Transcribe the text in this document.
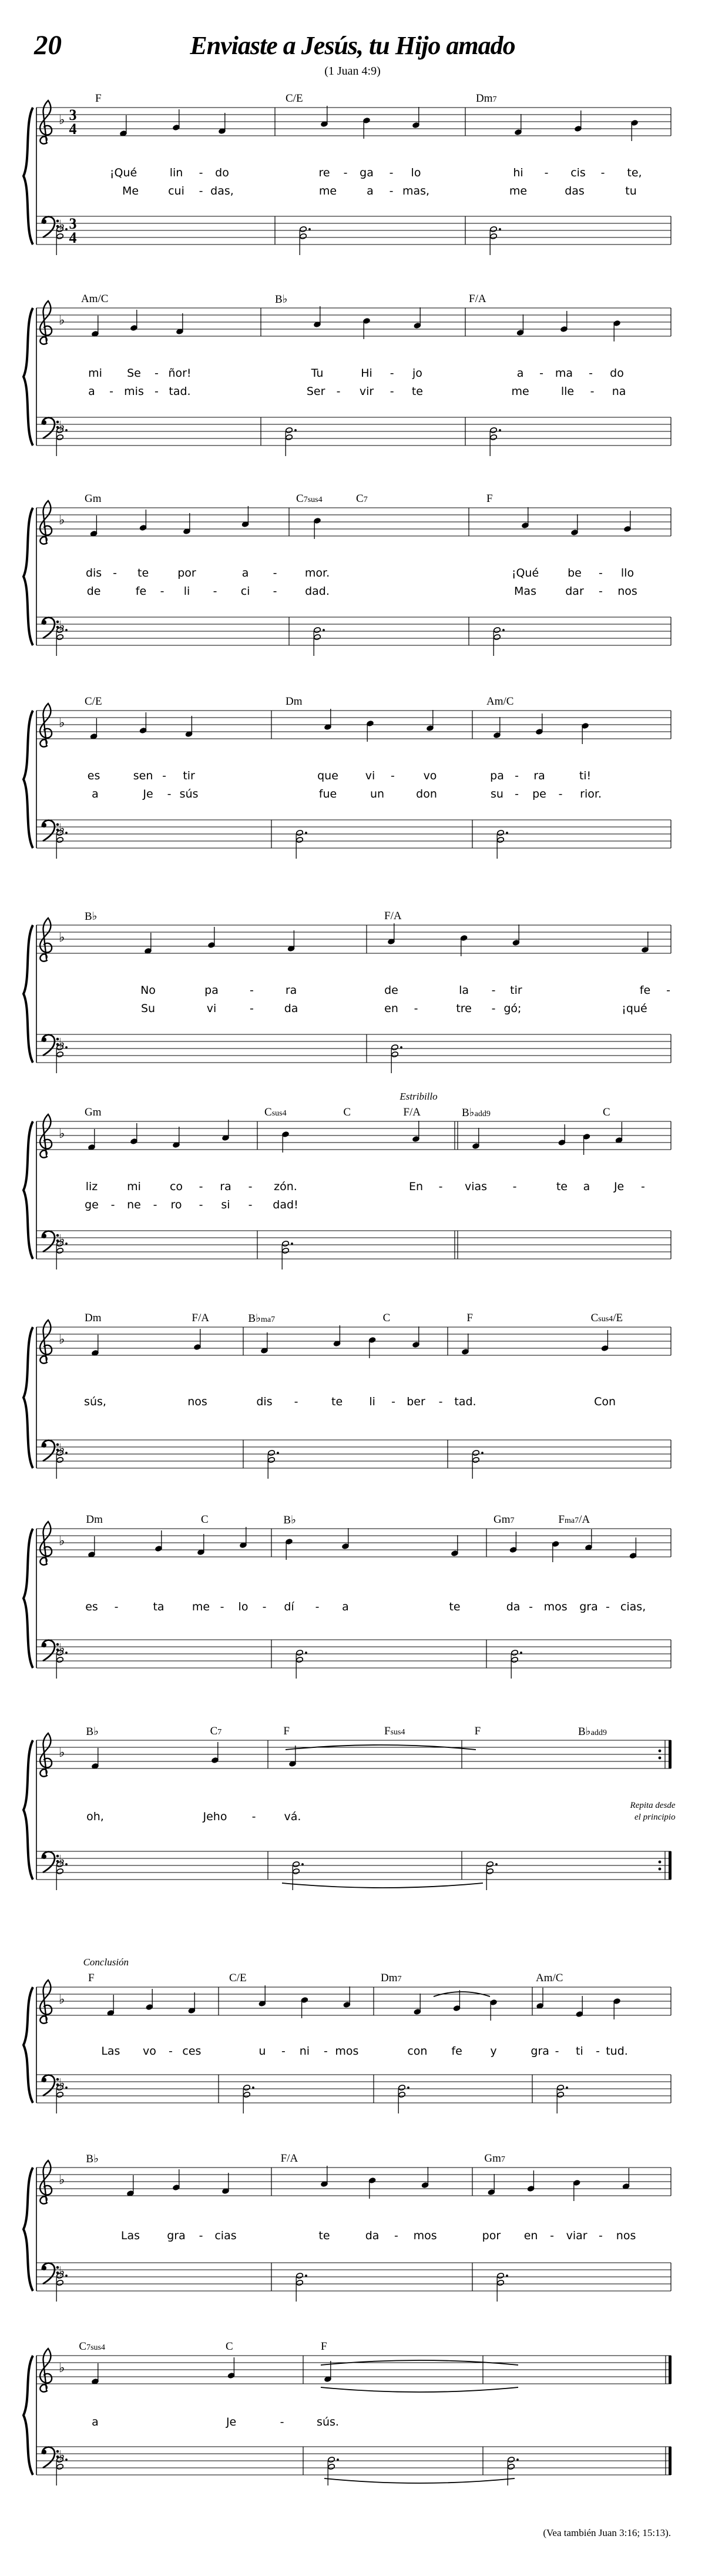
20	Enviaste a Jesús, tu Hijo amado
(1 Juan 4:9)
♭
♭
3
4
3
4
F	C/E	Dm7
¡Qué	lin - do	re - ga - lo	hi - cis - te,
Me	cui - das,	me	a - mas,	me	das	tu
♭
♭
Am/C	B♭	F/A
mi Se - ñor!	Tu	Hi - jo	a - ma - do
a - mis - tad.	Ser - vir - te	me	lle - na
♭
♭
Gm	C7sus4	C7	F
dis - te	por	a - mor.	¡Qué	be - llo
de	fe - li - ci -	dad.	Mas	dar - nos
♭
♭
C/E	Dm	Am/C
es	sen - tir	que vi -	vo	pa - ra	ti!
a	Je - sús	fue	un	don	su - pe - rior.
♭
♭
B♭	F/A
No	pa	-	ra	de	la - tir	fe -
Su	vi	-	da	en -	tre - gó;	¡qué
♭
♭
Estribillo
Gm	Csus4	C	F/A	B♭add9	C
liz	mi	co - ra - zón.	En - vias -	te a Je -
ge - ne - ro - si - dad!
♭
♭
Dm	F/A	B♭ma7	C	F	Csus4/E
sús,	nos	dis -	te li - ber - tad.	Con
♭
♭
Dm	C	B♭	Gm7	Fma7/A
es -	ta me - lo - dí - a	te	da - mos gra - cias,
♭
♭
B♭	C7	F	Fsus4	F	B♭add9
oh,	Jeho -	vá.
Repita desde
el principio
♭
♭
Conclusión
F	C/E	Dm7	Am/C
Las vo - ces	u - ni - mos	con fe	y	gra - ti - tud.
♭
♭
B♭	F/A	Gm7
Las gra - cias	te	da - mos	por en - viar - nos
♭
♭
C7sus4	C	F
a	Je	-	sús.
(Vea también Juan 3:16; 15:13).
